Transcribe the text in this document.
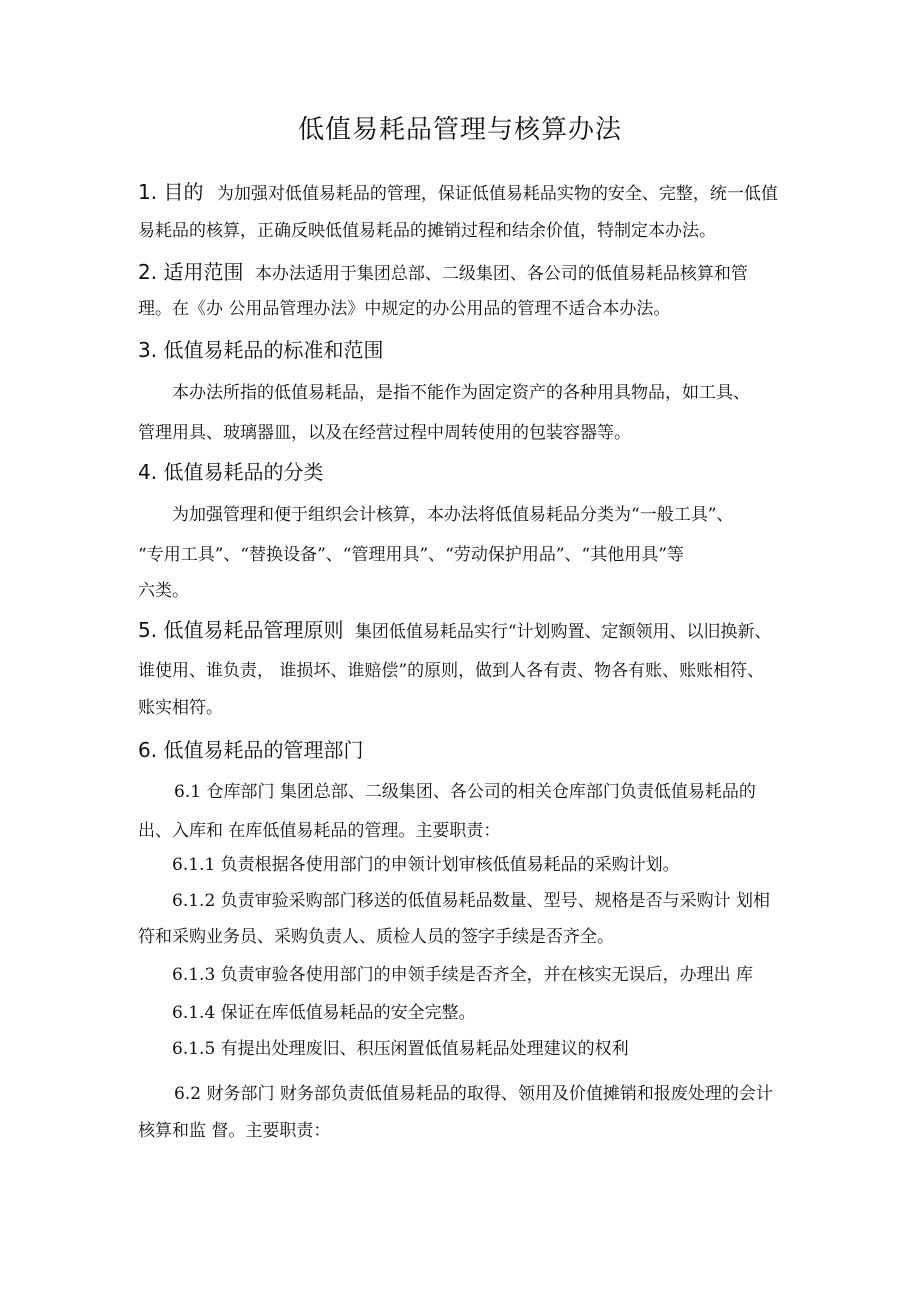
低值易耗品管理与核算办法
1. 目的 为加强对低值易耗品的管理，保证低值易耗品实物的安全、完整，统一低值
易耗品的核算，正确反映低值易耗品的摊销过程和结余价值，特制定本办法。
2. 适用范围 本办法适用于集团总部、二级集团、各公司的低值易耗品核算和管
理。在《办 公用品管理办法》中规定的办公用品的管理不适合本办法。
3. 低值易耗品的标准和范围
本办法所指的低值易耗品，是指不能作为固定资产的各种用具物品，如工具、
管理用具、玻璃器皿，以及在经营过程中周转使用的包装容器等。
4. 低值易耗品的分类
为加强管理和便于组织会计核算，本办法将低值易耗品分类为“一般工具”、
“专用工具”、“替换设备”、“管理用具”、“劳动保护用品”、“其他用具”等
六类。
5. 低值易耗品管理原则 集团低值易耗品实行“计划购置、定额领用、以旧换新、
谁使用、谁负责， 谁损坏、谁赔偿”的原则，做到人各有责、物各有账、账账相符、
账实相符。
6. 低值易耗品的管理部门
6.1 仓库部门 集团总部、二级集团、各公司的相关仓库部门负责低值易耗品的
出、入库和 在库低值易耗品的管理。主要职责：
6.1.1 负责根据各使用部门的申领计划审核低值易耗品的采购计划。
6.1.2 负责审验采购部门移送的低值易耗品数量、型号、规格是否与采购计 划相
符和采购业务员、采购负责人、质检人员的签字手续是否齐全。
6.1.3 负责审验各使用部门的申领手续是否齐全，并在核实无误后，办理出 库
6.1.4 保证在库低值易耗品的安全完整。
6.1.5 有提出处理废旧、积压闲置低值易耗品处理建议的权利
6.2 财务部门 财务部负责低值易耗品的取得、领用及价值摊销和报废处理的会计
核算和监 督。主要职责：
